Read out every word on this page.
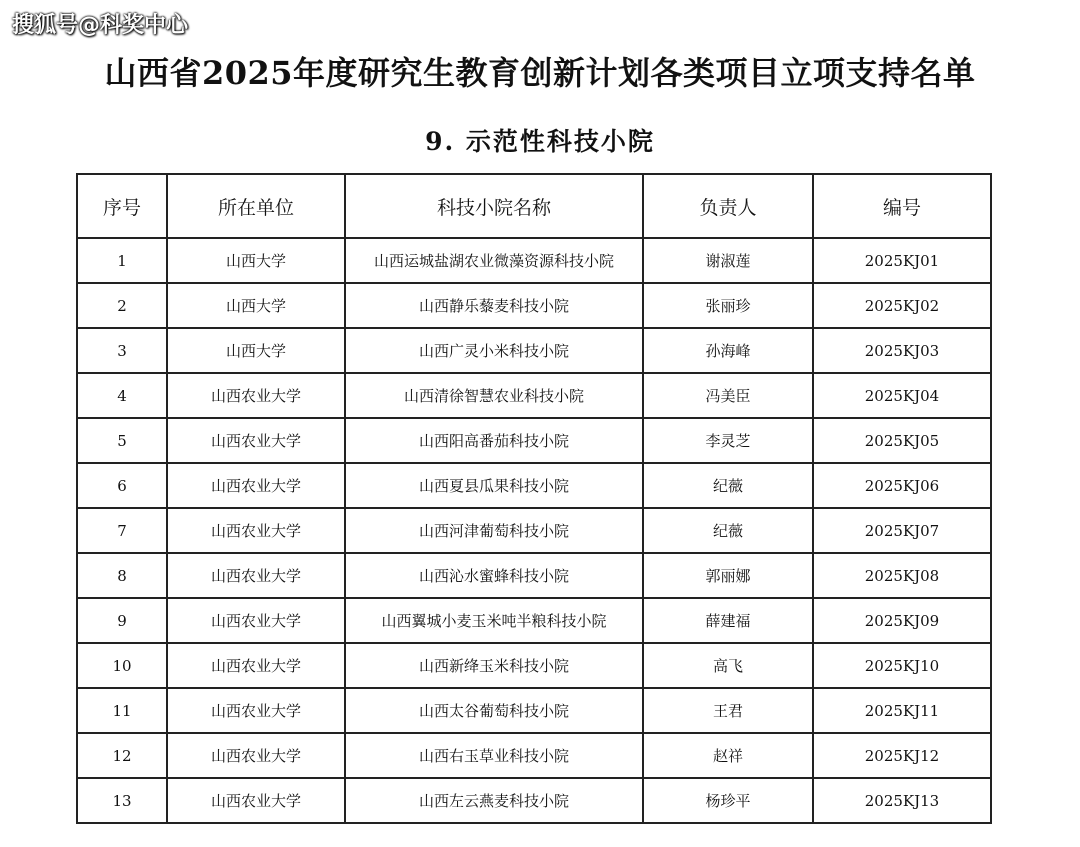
搜狐号@科奖中心
山西省2025年度研究生教育创新计划各类项目立项支持名单
9. 示范性科技小院
序号	所在单位	科技小院名称	负责人	编号
1	山西大学	山西运城盐湖农业微藻资源科技小院	谢淑莲	2025KJ01
2	山西大学	山西静乐藜麦科技小院	张丽珍	2025KJ02
3	山西大学	山西广灵小米科技小院	孙海峰	2025KJ03
4	山西农业大学	山西清徐智慧农业科技小院	冯美臣	2025KJ04
5	山西农业大学	山西阳高番茄科技小院	李灵芝	2025KJ05
6	山西农业大学	山西夏县瓜果科技小院	纪薇	2025KJ06
7	山西农业大学	山西河津葡萄科技小院	纪薇	2025KJ07
8	山西农业大学	山西沁水蜜蜂科技小院	郭丽娜	2025KJ08
9	山西农业大学	山西翼城小麦玉米吨半粮科技小院	薛建福	2025KJ09
10	山西农业大学	山西新绛玉米科技小院	高飞	2025KJ10
11	山西农业大学	山西太谷葡萄科技小院	王君	2025KJ11
12	山西农业大学	山西右玉草业科技小院	赵祥	2025KJ12
13	山西农业大学	山西左云燕麦科技小院	杨珍平	2025KJ13
